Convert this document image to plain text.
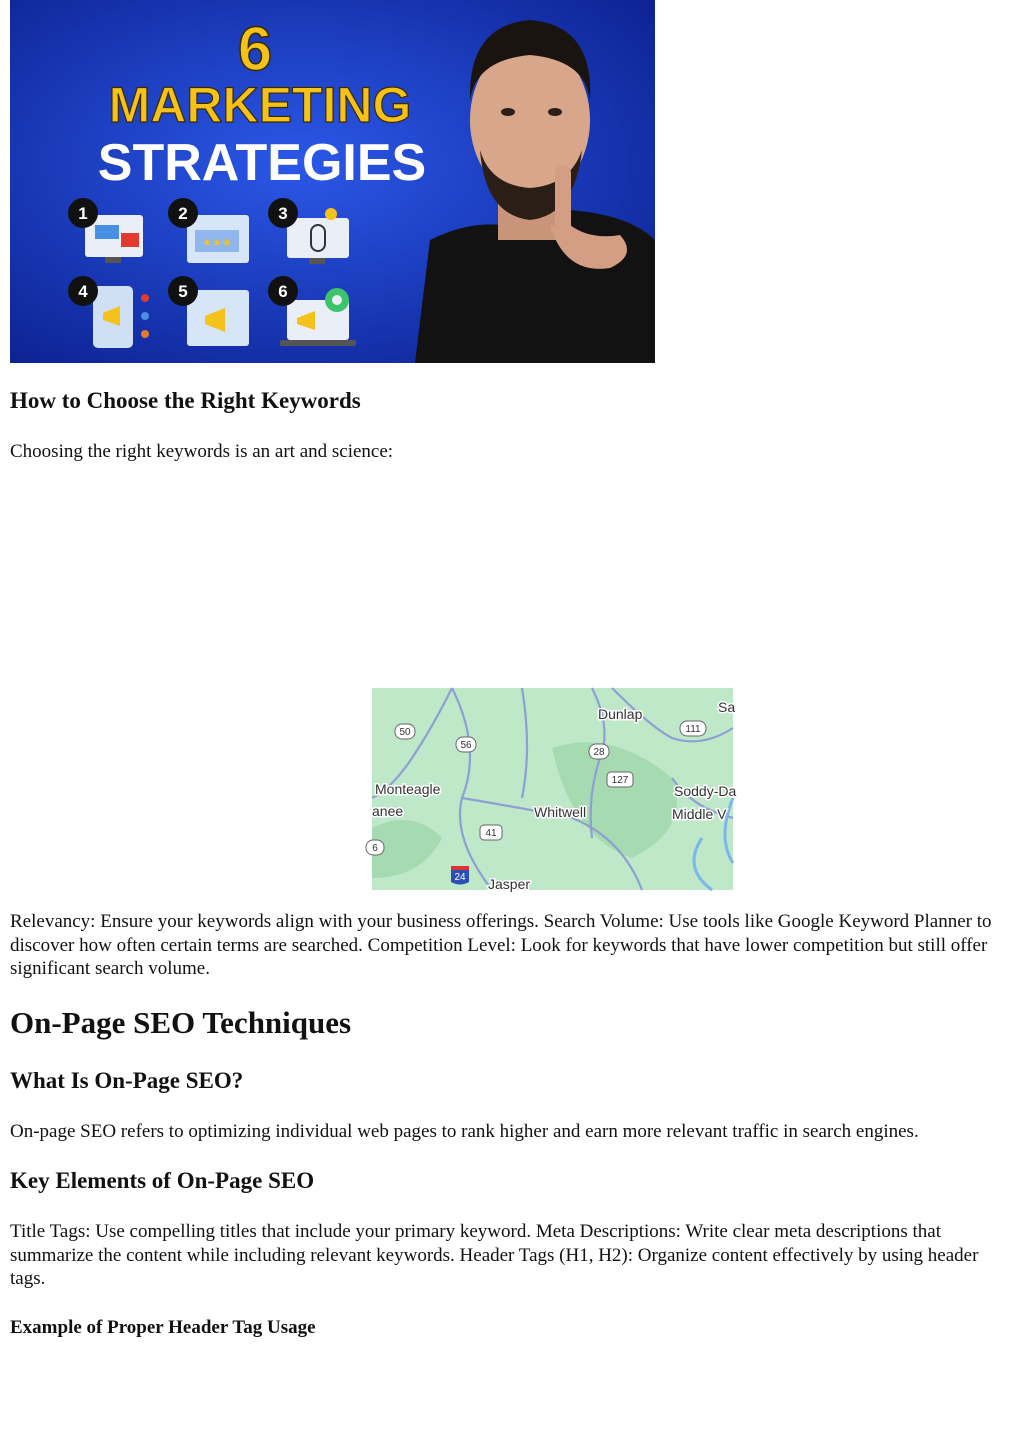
6
MARKETING
STRATEGIES
1
★★★
2	3
4	5	6
How to Choose the Right Keywords

Choosing the right keywords is an art and science:

Dunlap	Sa
Monteagle
anee	Whitwell
Soddy-Da
Middle V
Jasper
50
56
111
28
127
41
6
24

Relevancy: Ensure your keywords align with your business offerings. Search Volume: Use tools like Google Keyword Planner to discover how often certain terms are searched. Competition Level: Look for keywords that have lower competition but still offer significant search volume.

On-Page SEO Techniques
What Is On-Page SEO?

On-page SEO refers to optimizing individual web pages to rank higher and earn more relevant traffic in search engines.

Key Elements of On-Page SEO

Title Tags: Use compelling titles that include your primary keyword. Meta Descriptions: Write clear meta descriptions that summarize the content while including relevant keywords. Header Tags (H1, H2): Organize content effectively by using header tags.

Example of Proper Header Tag Usage
